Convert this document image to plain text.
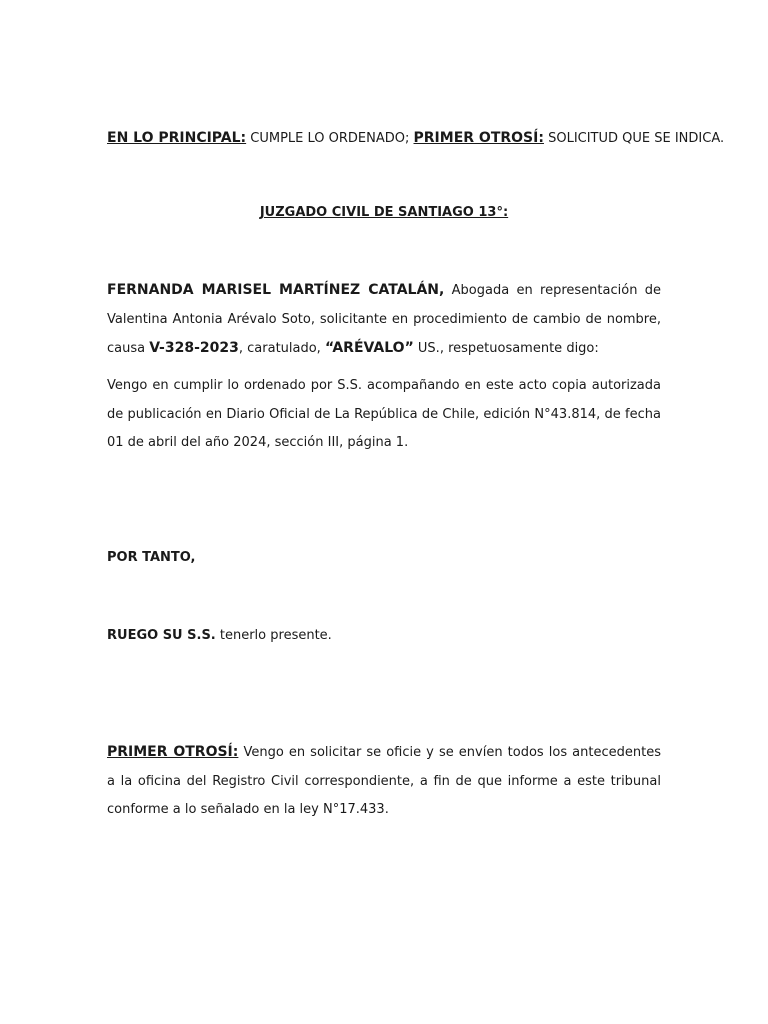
EN LO PRINCIPAL: CUMPLE LO ORDENADO; PRIMER OTROSÍ: SOLICITUD QUE SE INDICA.
JUZGADO CIVIL DE SANTIAGO 13°:
FERNANDA MARISEL MARTÍNEZ CATALÁN, Abogada en representación de Valentina Antonia Arévalo Soto, solicitante en procedimiento de cambio de nombre, causa V-328-2023, caratulado, “ARÉVALO” US., respetuosamente digo:
Vengo en cumplir lo ordenado por S.S. acompañando en este acto copia autorizada de publicación en Diario Oficial de La República de Chile, edición N°43.814, de fecha 01 de abril del año 2024, sección III, página 1.
POR TANTO,
RUEGO SU S.S. tenerlo presente.
PRIMER OTROSÍ: Vengo en solicitar se oficie y se envíen todos los antecedentes a la oficina del Registro Civil correspondiente, a fin de que informe a este tribunal conforme a lo señalado en la ley N°17.433.
